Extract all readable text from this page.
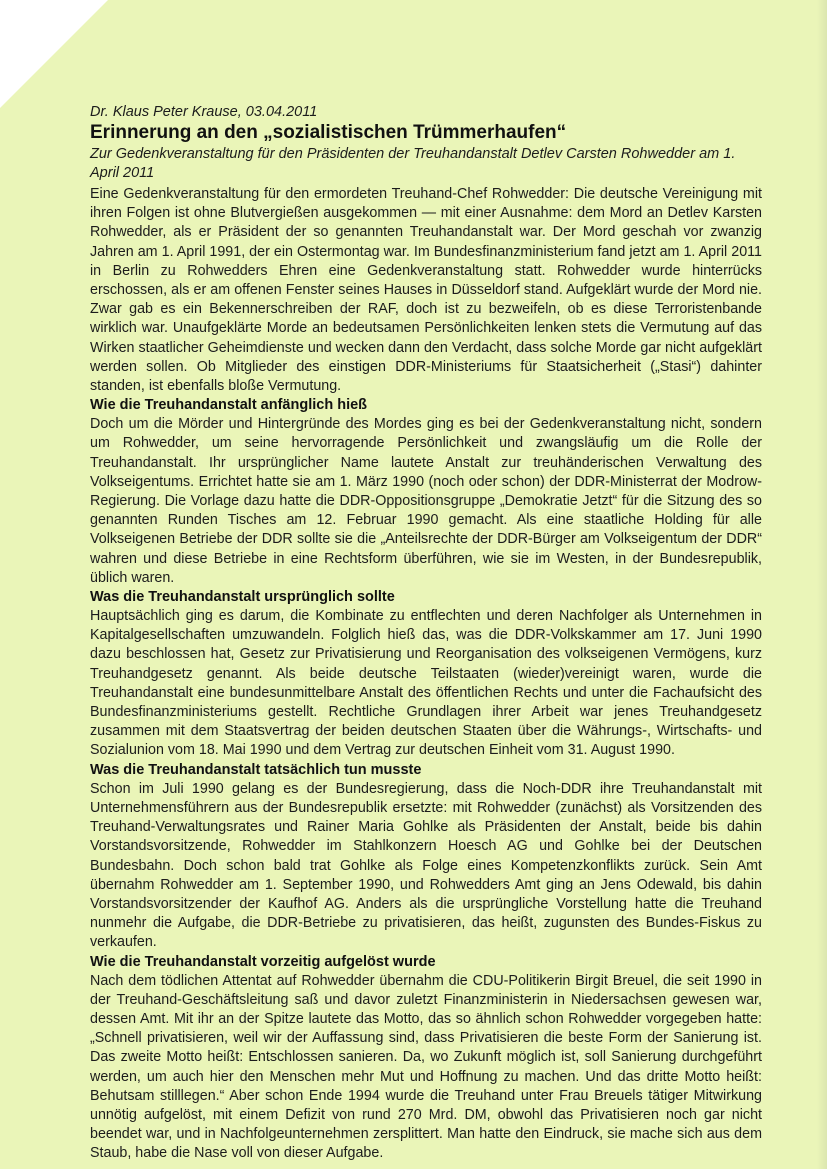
Dr. Klaus Peter Krause, 03.04.2011

Erinnerung an den „sozialistischen Trümmerhaufen“

Zur Gedenkveranstaltung für den Präsidenten der Treuhandanstalt Detlev Carsten Rohwedder am 1. April 2011

Eine Gedenkveranstaltung für den ermordeten Treuhand-Chef Rohwedder: Die deutsche Vereinigung mit ihren Folgen ist ohne Blutvergießen ausgekommen — mit einer Ausnahme: dem Mord an Detlev Karsten Rohwedder, als er Präsident der so genannten Treuhandanstalt war. Der Mord geschah vor zwanzig Jahren am 1. April 1991, der ein Ostermontag war. Im Bundesfinanzministerium fand jetzt am 1. April 2011 in Berlin zu Rohwedders Ehren eine Gedenkveranstaltung statt. Rohwedder wurde hinterrücks erschossen, als er am offenen Fenster seines Hauses in Düsseldorf stand. Aufgeklärt wurde der Mord nie. Zwar gab es ein Bekennerschreiben der RAF, doch ist zu bezweifeln, ob es diese Terroristenbande wirklich war. Unaufgeklärte Morde an bedeutsamen Persönlichkeiten lenken stets die Vermutung auf das Wirken staatlicher Geheimdienste und wecken dann den Verdacht, dass solche Morde gar nicht aufgeklärt werden sollen. Ob Mitglieder des einstigen DDR-Ministeriums für Staatsicherheit („Stasi“) dahinter standen, ist ebenfalls bloße Vermutung.

Wie die Treuhandanstalt anfänglich hieß

Doch um die Mörder und Hintergründe des Mordes ging es bei der Gedenkveranstaltung nicht, sondern um Rohwedder, um seine hervorragende Persönlichkeit und zwangsläufig um die Rolle der Treuhandanstalt. Ihr ursprünglicher Name lautete Anstalt zur treuhänderischen Verwaltung des Volkseigentums. Errichtet hatte sie am 1. März 1990 (noch oder schon) der DDR-Ministerrat der Modrow-Regierung. Die Vorlage dazu hatte die DDR-Oppositionsgruppe „Demokratie Jetzt“ für die Sitzung des so genannten Runden Tisches am 12. Februar 1990 gemacht. Als eine staatliche Holding für alle Volkseigenen Betriebe der DDR sollte sie die „Anteilsrechte der DDR-Bürger am Volkseigentum der DDR“ wahren und diese Betriebe in eine Rechtsform überführen, wie sie im Westen, in der Bundesrepublik, üblich waren.

Was die Treuhandanstalt ursprünglich sollte

Hauptsächlich ging es darum, die Kombinate zu entflechten und deren Nachfolger als Unternehmen in Kapitalgesellschaften umzuwandeln. Folglich hieß das, was die DDR-Volkskammer am 17. Juni 1990 dazu beschlossen hat, Gesetz zur Privatisierung und Reorganisation des volkseigenen Vermögens, kurz Treuhandgesetz genannt. Als beide deutsche Teilstaaten (wieder)vereinigt waren, wurde die Treuhandanstalt eine bundesunmittelbare Anstalt des öffentlichen Rechts und unter die Fachaufsicht des Bundesfinanzministeriums gestellt. Rechtliche Grundlagen ihrer Arbeit war jenes Treuhandgesetz zusammen mit dem Staatsvertrag der beiden deutschen Staaten über die Währungs-, Wirtschafts- und Sozialunion vom 18. Mai 1990 und dem Vertrag zur deutschen Einheit vom 31. August 1990.

Was die Treuhandanstalt tatsächlich tun musste

Schon im Juli 1990 gelang es der Bundesregierung, dass die Noch-DDR ihre Treuhandanstalt mit Unternehmensführern aus der Bundesrepublik ersetzte: mit Rohwedder (zunächst) als Vorsitzenden des Treuhand-Verwaltungsrates und Rainer Maria Gohlke als Präsidenten der Anstalt, beide bis dahin Vorstandsvorsitzende, Rohwedder im Stahlkonzern Hoesch AG und Gohlke bei der Deutschen Bundesbahn. Doch schon bald trat Gohlke als Folge eines Kompetenzkonflikts zurück. Sein Amt übernahm Rohwedder am 1. September 1990, und Rohwedders Amt ging an Jens Odewald, bis dahin Vorstandsvorsitzender der Kaufhof AG. Anders als die ursprüngliche Vorstellung hatte die Treuhand nunmehr die Aufgabe, die DDR-Betriebe zu privatisieren, das heißt, zugunsten des Bundes-Fiskus zu verkaufen.

Wie die Treuhandanstalt vorzeitig aufgelöst wurde

Nach dem tödlichen Attentat auf Rohwedder übernahm die CDU-Politikerin Birgit Breuel, die seit 1990 in der Treuhand-Geschäftsleitung saß und davor zuletzt Finanzministerin in Niedersachsen gewesen war, dessen Amt. Mit ihr an der Spitze lautete das Motto, das so ähnlich schon Rohwedder vorgegeben hatte: „Schnell privatisieren, weil wir der Auffassung sind, dass Privatisieren die beste Form der Sanierung ist. Das zweite Motto heißt: Entschlossen sanieren. Da, wo Zukunft möglich ist, soll Sanierung durchgeführt werden, um auch hier den Menschen mehr Mut und Hoffnung zu machen. Und das dritte Motto heißt: Behutsam stilllegen.“ Aber schon Ende 1994 wurde die Treuhand unter Frau Breuels tätiger Mitwirkung unnötig aufgelöst, mit einem Defizit von rund 270 Mrd. DM, obwohl das Privatisieren noch gar nicht beendet war, und in Nachfolgeunternehmen zersplittert. Man hatte den Eindruck, sie mache sich aus dem Staub, habe die Nase voll von dieser Aufgabe.
